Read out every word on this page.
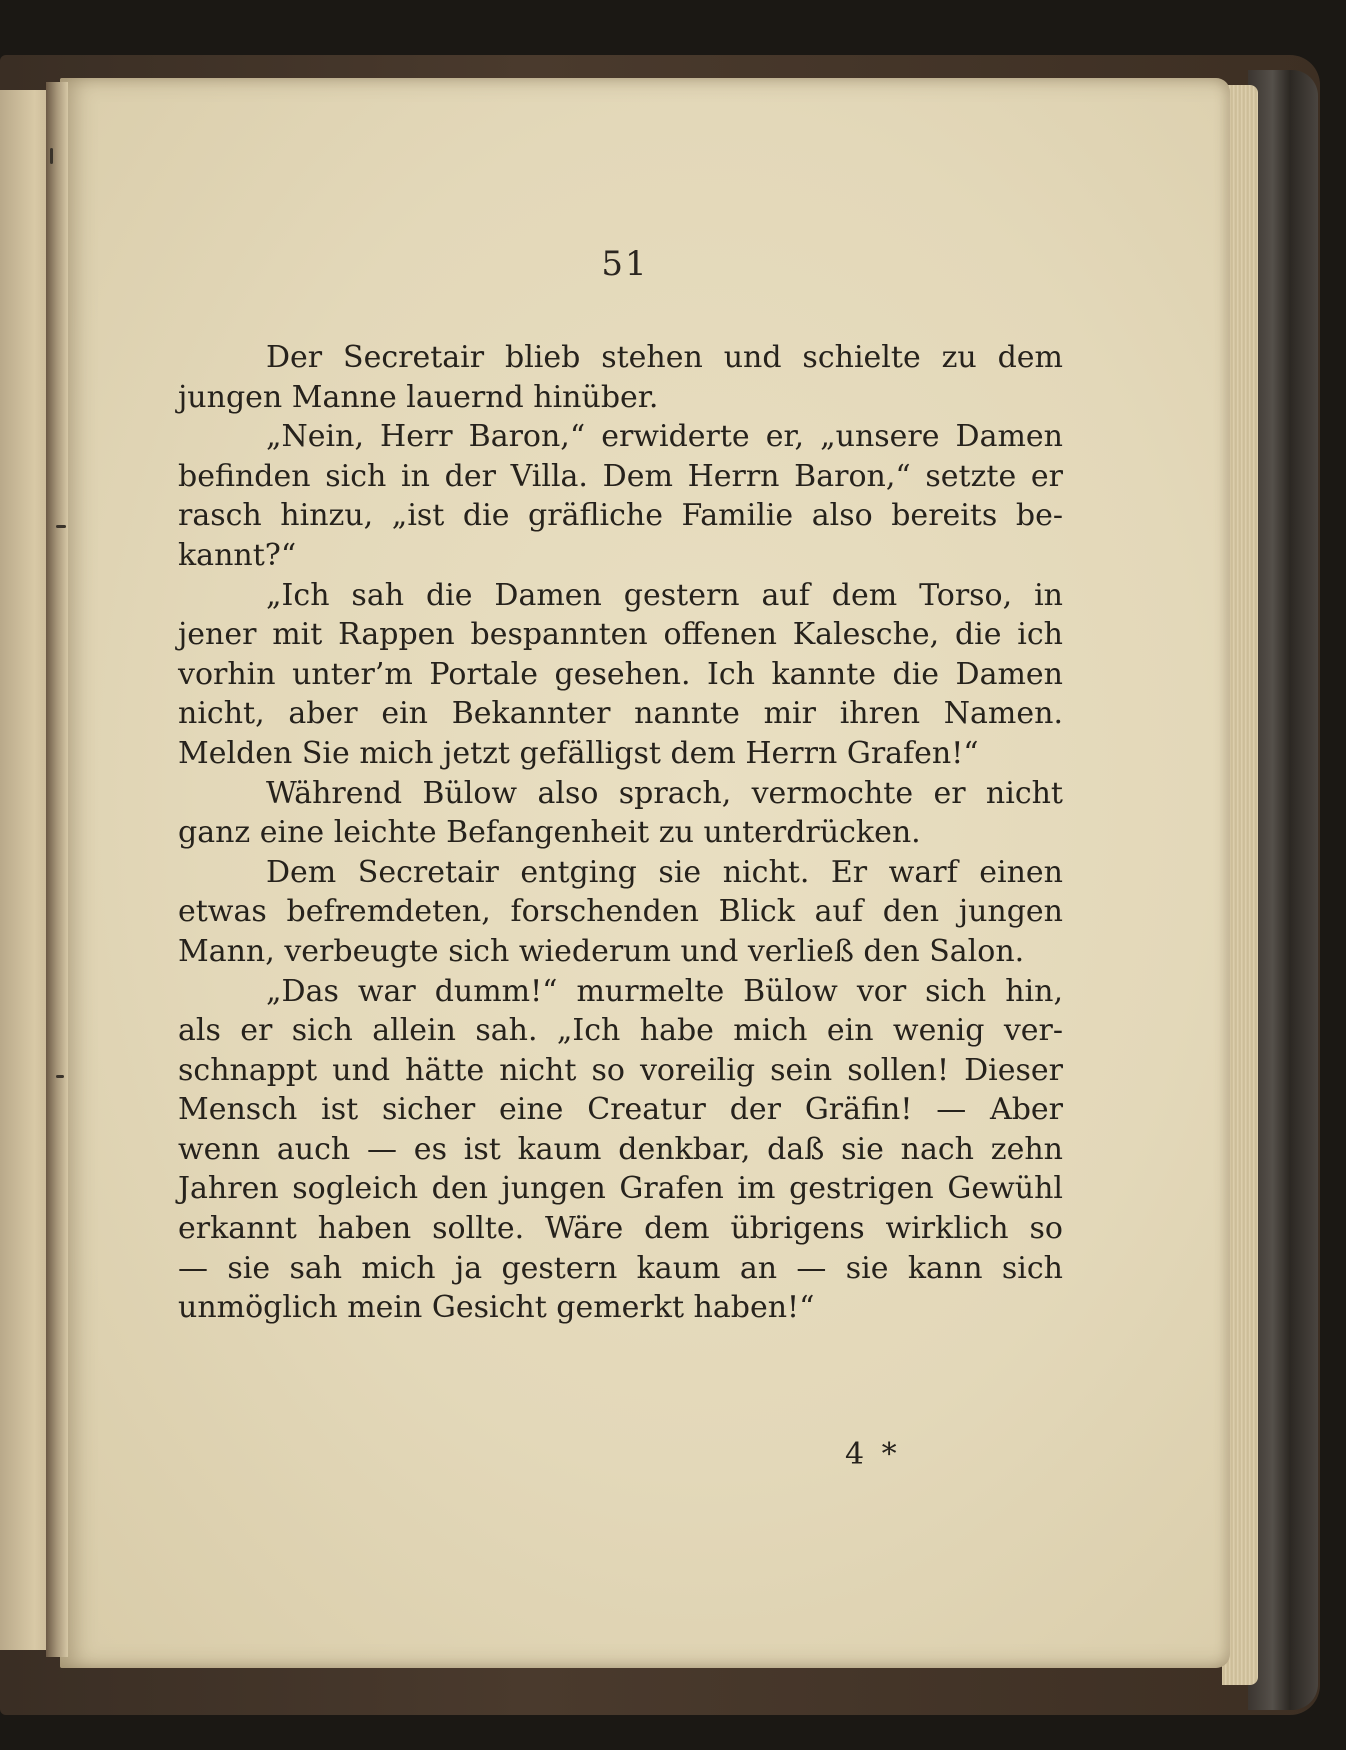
51
Der Secretair blieb stehen und schielte zu dem
jungen Manne lauernd hinüber.
„Nein, Herr Baron,“ erwiderte er, „unsere Damen
befinden sich in der Villa. Dem Herrn Baron,“ setzte er
rasch hinzu, „ist die gräfliche Familie also bereits be-
kannt?“
„Ich sah die Damen gestern auf dem Torso, in
jener mit Rappen bespannten offenen Kalesche, die ich
vorhin unter’m Portale gesehen. Ich kannte die Damen
nicht, aber ein Bekannter nannte mir ihren Namen.
Melden Sie mich jetzt gefälligst dem Herrn Grafen!“
Während Bülow also sprach, vermochte er nicht
ganz eine leichte Befangenheit zu unterdrücken.
Dem Secretair entging sie nicht. Er warf einen
etwas befremdeten, forschenden Blick auf den jungen
Mann, verbeugte sich wiederum und verließ den Salon.
„Das war dumm!“ murmelte Bülow vor sich hin,
als er sich allein sah. „Ich habe mich ein wenig ver-
schnappt und hätte nicht so voreilig sein sollen! Dieser
Mensch ist sicher eine Creatur der Gräfin! — Aber
wenn auch — es ist kaum denkbar, daß sie nach zehn
Jahren sogleich den jungen Grafen im gestrigen Gewühl
erkannt haben sollte. Wäre dem übrigens wirklich so
— sie sah mich ja gestern kaum an — sie kann sich
unmöglich mein Gesicht gemerkt haben!“
4 *
